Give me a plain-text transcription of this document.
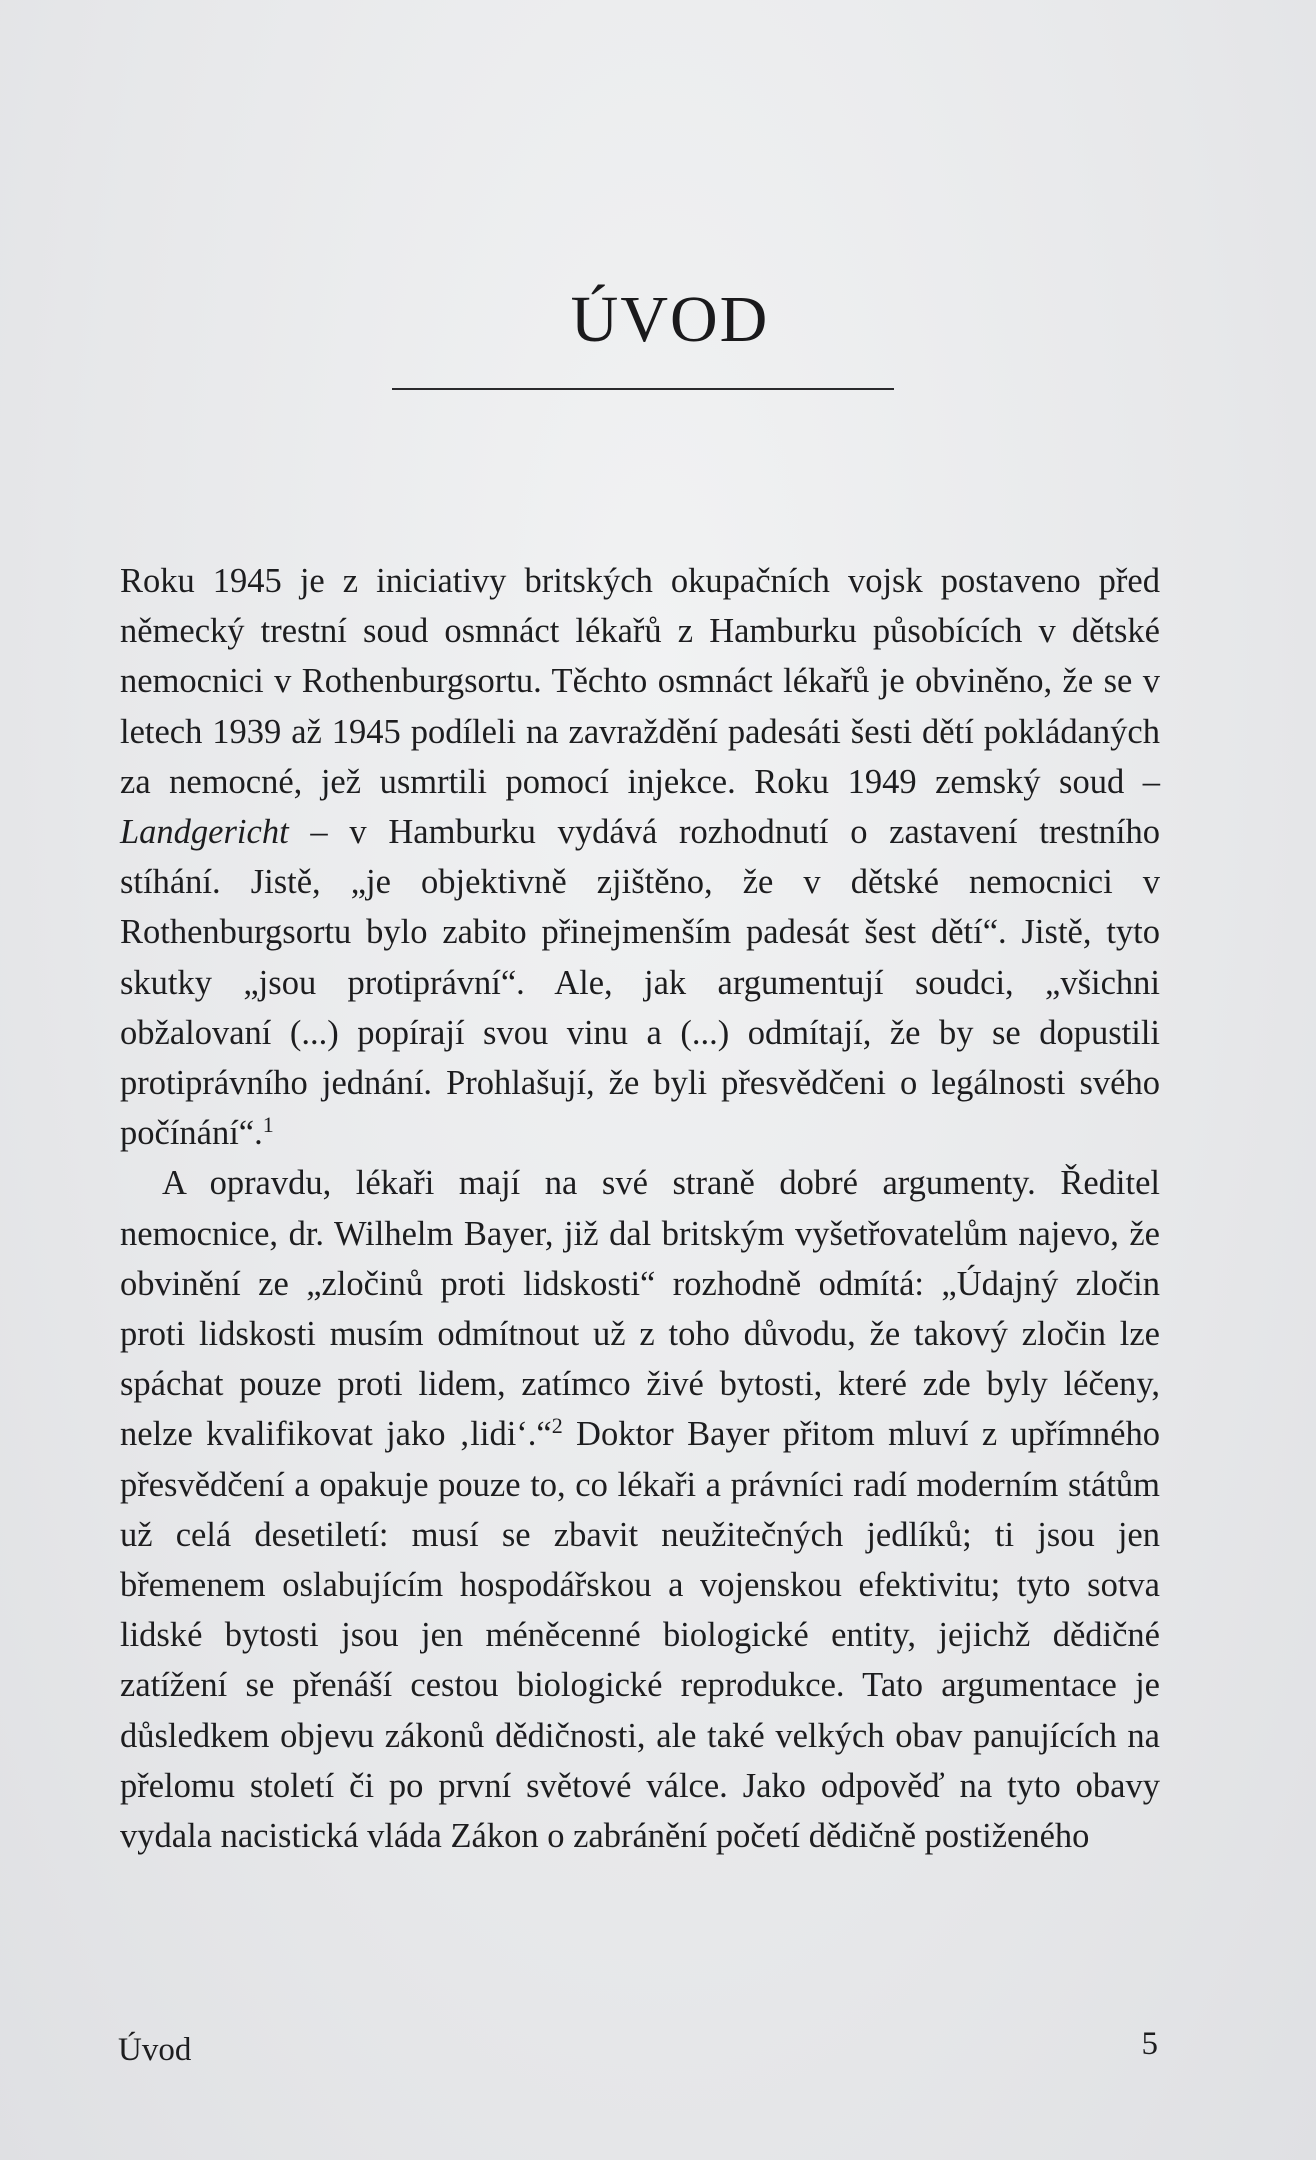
ÚVOD

Roku 1945 je z iniciativy britských okupačních vojsk postaveno před německý trestní soud osmnáct lékařů z Hamburku působících v dětské nemocnici v Rothenburgsortu. Těchto osmnáct lékařů je obviněno, že se v letech 1939 až 1945 podíleli na zavraždění padesáti šesti dětí pokládaných za nemocné, jež usmrtili pomocí injekce. Roku 1949 zemský soud – Landgericht – v Hamburku vydává rozhodnutí o zastavení trestního stíhání. Jistě, „je objektivně zjištěno, že v dětské nemocnici v Rothenburgsortu bylo zabito přinejmenším padesát šest dětí“. Jistě, tyto skutky „jsou protiprávní“. Ale, jak argumentují soudci, „všichni obžalovaní (...) popírají svou vinu a (...) odmítají, že by se dopustili protiprávního jednání. Prohlašují, že byli přesvědčeni o legálnosti svého počínání“.$^1$

A opravdu, lékaři mají na své straně dobré argumenty. Ředitel nemocnice, dr. Wilhelm Bayer, již dal britským vyšetřovatelům najevo, že obvinění ze „zločinů proti lidskosti“ rozhodně odmítá: „Údajný zločin proti lidskosti musím odmítnout už z toho důvodu, že takový zločin lze spáchat pouze proti lidem, zatímco živé bytosti, které zde byly léčeny, nelze kvalifikovat jako ‚lidi‘.“$^2$ Doktor Bayer přitom mluví z upřímného přesvědčení a opakuje pouze to, co lékaři a právníci radí moderním státům už celá desetiletí: musí se zbavit neužitečných jedlíků; ti jsou jen břemenem oslabujícím hospodářskou a vojenskou efektivitu; tyto sotva lidské bytosti jsou jen méněcenné biologické entity, jejichž dědičné zatížení se přenáší cestou biologické reprodukce. Tato argumentace je důsledkem objevu zákonů dědičnosti, ale také velkých obav panujících na přelomu století či po první světové válce. Jako odpověď na tyto obavy vydala nacistická vláda Zákon o zabránění početí dědičně postiženého

Úvod	5
